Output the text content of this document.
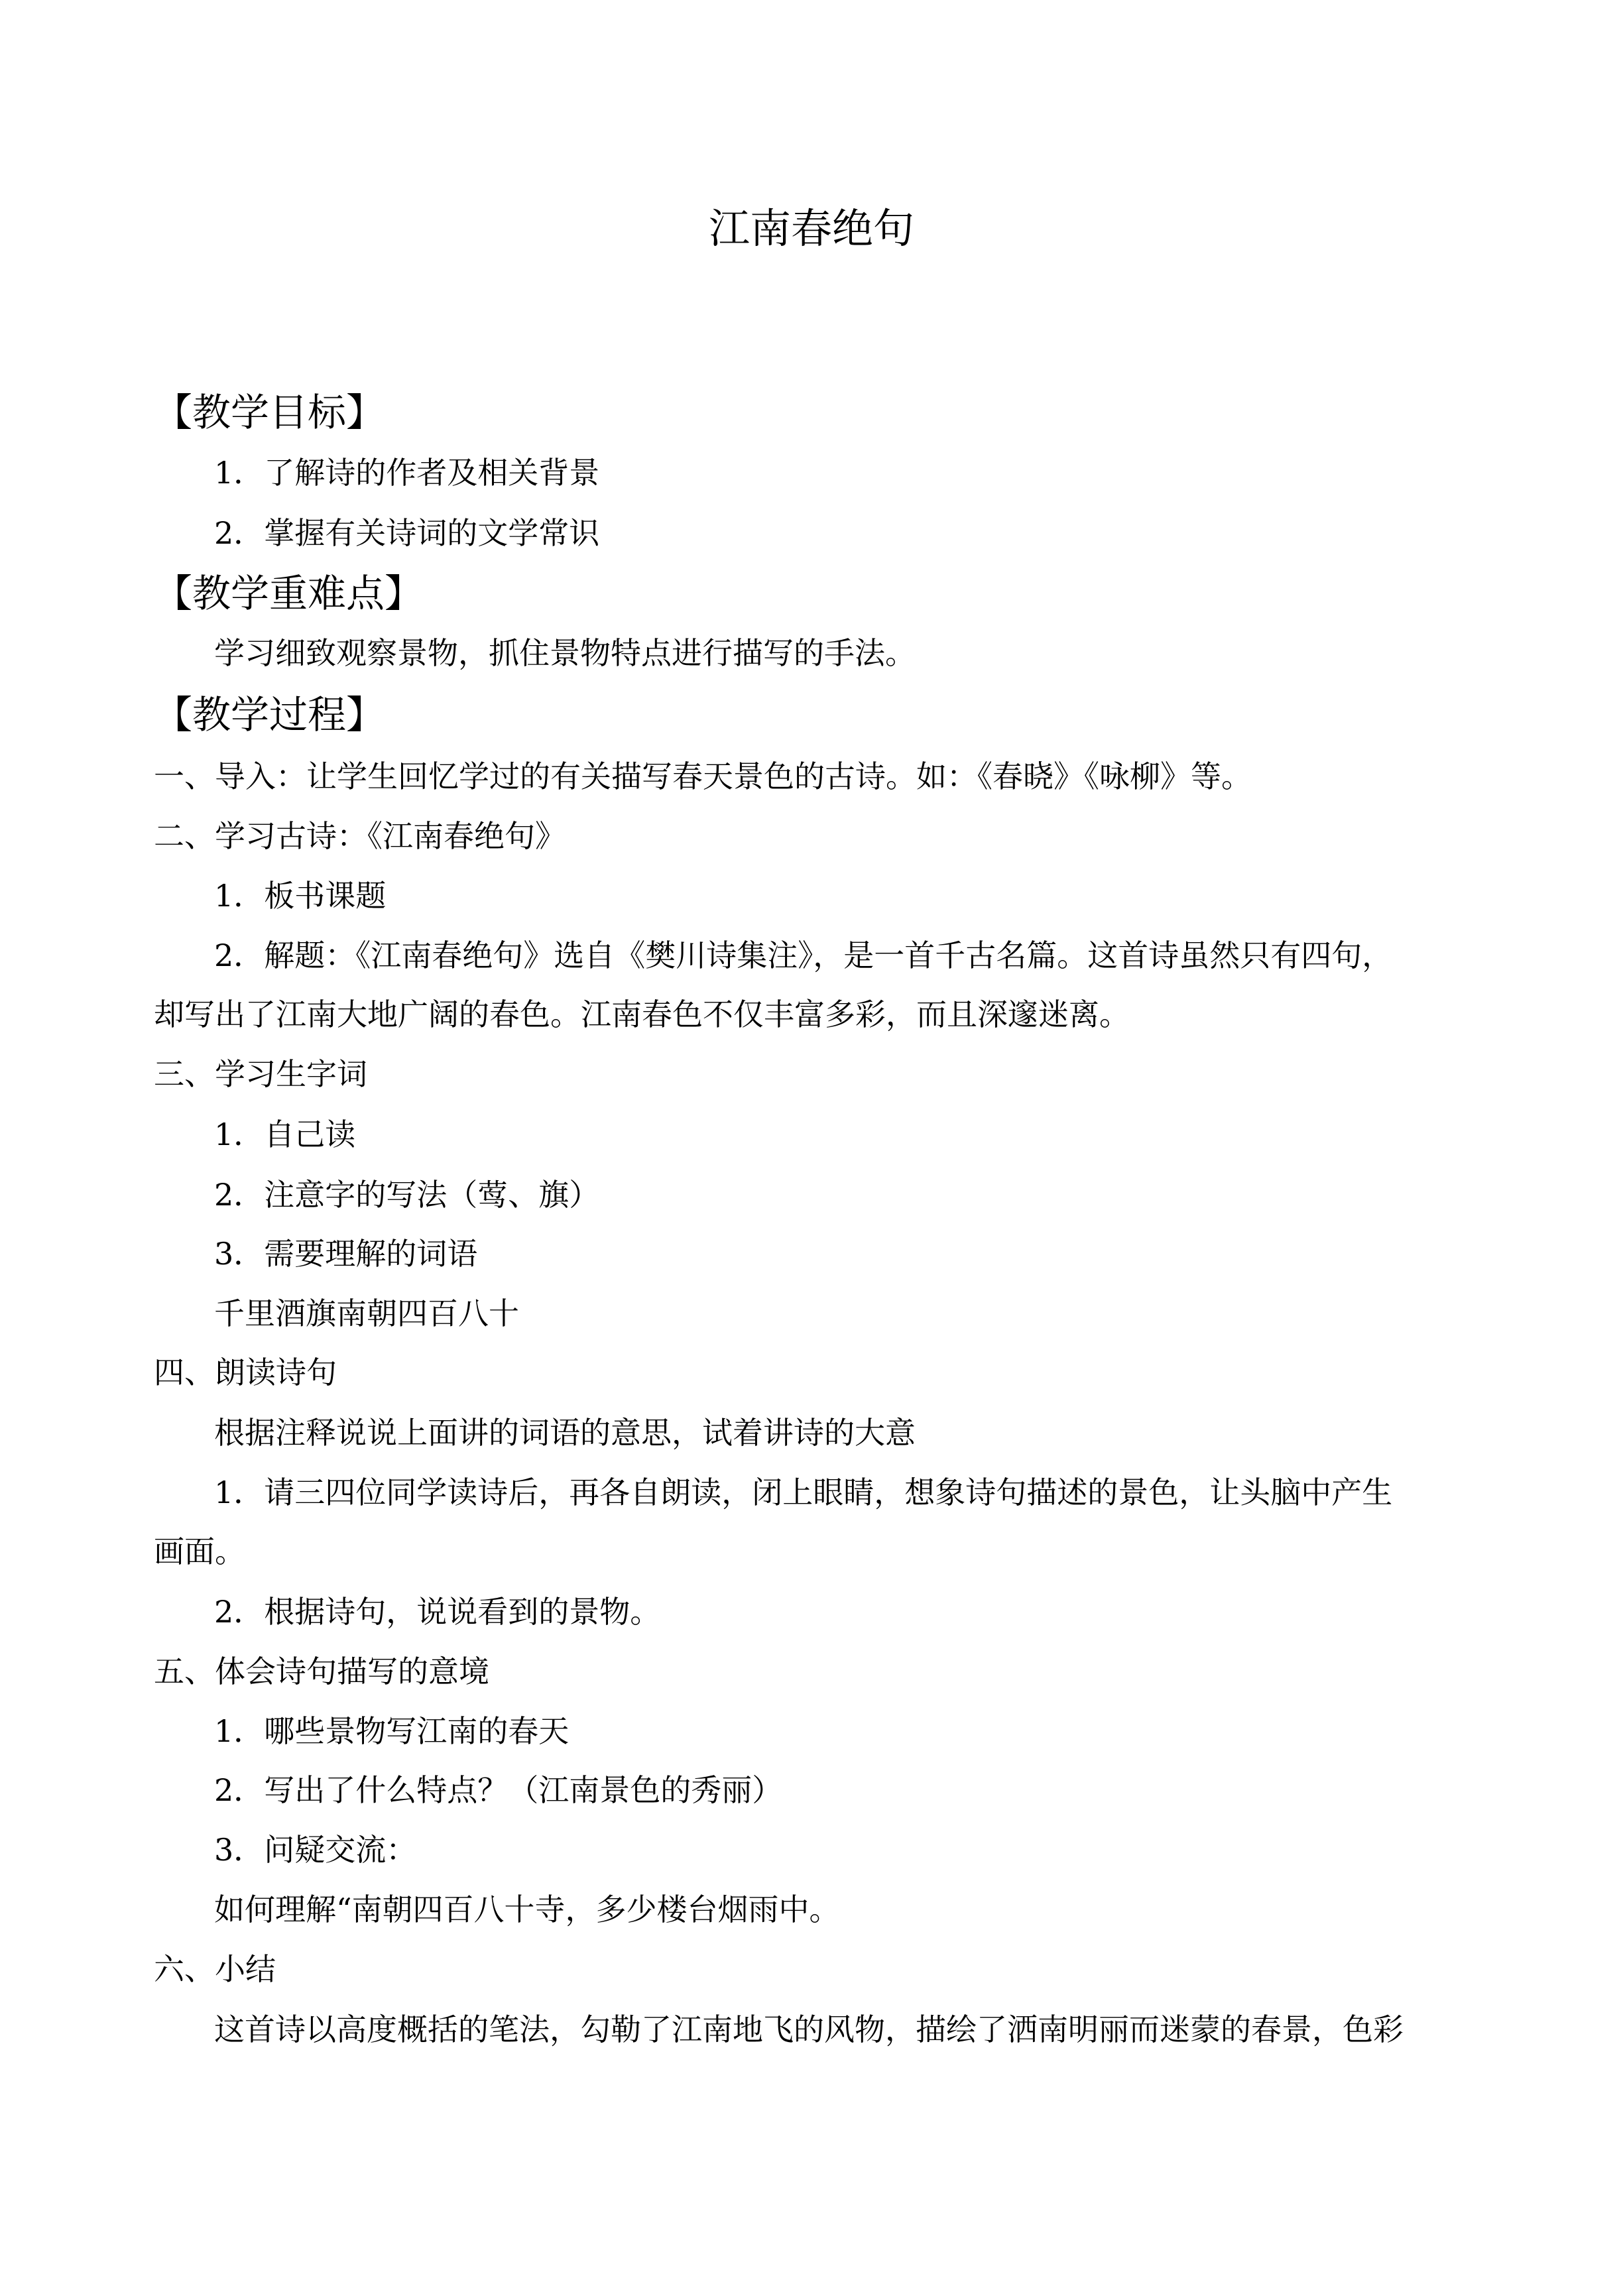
江南春绝句
【教学目标】
1．了解诗的作者及相关背景
2．掌握有关诗词的文学常识
【教学重难点】
学习细致观察景物，抓住景物特点进行描写的手法。
【教学过程】
一、导入：让学生回忆学过的有关描写春天景色的古诗。如：《春晓》《咏柳》等。
二、学习古诗：《江南春绝句》
1．板书课题
2．解题：《江南春绝句》选自《樊川诗集注》，是一首千古名篇。这首诗虽然只有四句，
却写出了江南大地广阔的春色。江南春色不仅丰富多彩，而且深邃迷离。
三、学习生字词
1．自己读
2．注意字的写法（莺、旗）
3．需要理解的词语
千里酒旗南朝四百八十
四、朗读诗句
根据注释说说上面讲的词语的意思，试着讲诗的大意
1．请三四位同学读诗后，再各自朗读，闭上眼睛，想象诗句描述的景色，让头脑中产生
画面。
2．根据诗句，说说看到的景物。
五、体会诗句描写的意境
1．哪些景物写江南的春天
2．写出了什么特点？（江南景色的秀丽）
3．问疑交流：
如何理解“南朝四百八十寺，多少楼台烟雨中。
六、小结
这首诗以高度概括的笔法，勾勒了江南地飞的风物，描绘了洒南明丽而迷蒙的春景，色彩
